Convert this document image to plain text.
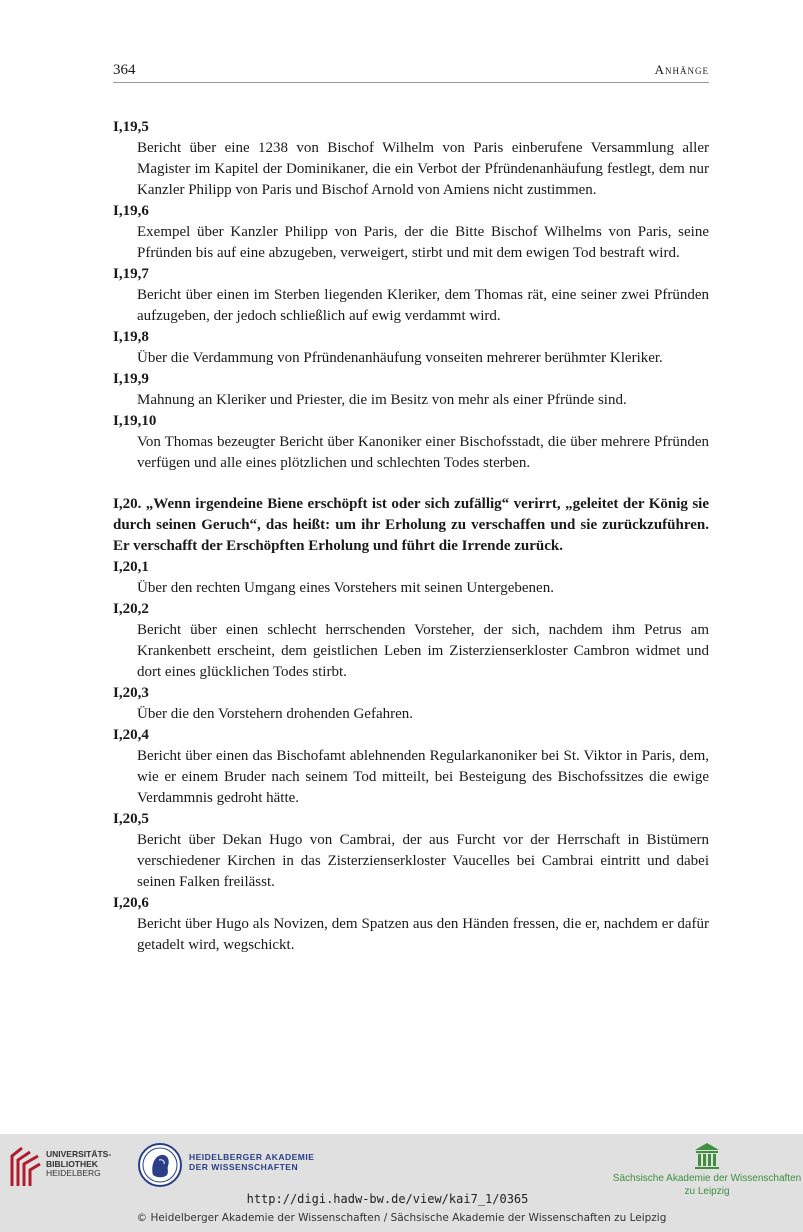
364	Anhänge
I,19,5
Bericht über eine 1238 von Bischof Wilhelm von Paris einberufene Versammlung aller Magister im Kapitel der Dominikaner, die ein Verbot der Pfründenanhäufung festlegt, dem nur Kanzler Philipp von Paris und Bischof Arnold von Amiens nicht zustimmen.
I,19,6
Exempel über Kanzler Philipp von Paris, der die Bitte Bischof Wilhelms von Paris, seine Pfründen bis auf eine abzugeben, verweigert, stirbt und mit dem ewigen Tod bestraft wird.
I,19,7
Bericht über einen im Sterben liegenden Kleriker, dem Thomas rät, eine seiner zwei Pfründen aufzugeben, der jedoch schließlich auf ewig verdammt wird.
I,19,8
Über die Verdammung von Pfründenanhäufung vonseiten mehrerer berühmter Kleriker.
I,19,9
Mahnung an Kleriker und Priester, die im Besitz von mehr als einer Pfründe sind.
I,19,10
Von Thomas bezeugter Bericht über Kanoniker einer Bischofsstadt, die über mehrere Pfründen verfügen und alle eines plötzlichen und schlechten Todes sterben.
I,20. „Wenn irgendeine Biene erschöpft ist oder sich zufällig“ verirrt, „geleitet der König sie durch seinen Geruch“, das heißt: um ihr Erholung zu verschaffen und sie zurückzuführen. Er verschafft der Erschöpften Erholung und führt die Irrende zurück.
I,20,1
Über den rechten Umgang eines Vorstehers mit seinen Untergebenen.
I,20,2
Bericht über einen schlecht herrschenden Vorsteher, der sich, nachdem ihm Petrus am Krankenbett erscheint, dem geistlichen Leben im Zisterzienserkloster Cambron widmet und dort eines glücklichen Todes stirbt.
I,20,3
Über die den Vorstehern drohenden Gefahren.
I,20,4
Bericht über einen das Bischofamt ablehnenden Regularkanoniker bei St. Viktor in Paris, dem, wie er einem Bruder nach seinem Tod mitteilt, bei Besteigung des Bischofssitzes die ewige Verdammnis gedroht hätte.
I,20,5
Bericht über Dekan Hugo von Cambrai, der aus Furcht vor der Herrschaft in Bistümern verschiedener Kirchen in das Zisterzienserkloster Vaucelles bei Cambrai eintritt und dabei seinen Falken freilässt.
I,20,6
Bericht über Hugo als Novizen, dem Spatzen aus den Händen fressen, die er, nachdem er dafür getadelt wird, wegschickt.
UNIVERSITÄTS-
BIBLIOTHEK
HEIDELBERG
HEIDELBERGER AKADEMIE
DER WISSENSCHAFTEN
Sächsische Akademie der Wissenschaften
zu Leipzig
http://digi.hadw-bw.de/view/kai7_1/0365
© Heidelberger Akademie der Wissenschaften / Sächsische Akademie der Wissenschaften zu Leipzig
